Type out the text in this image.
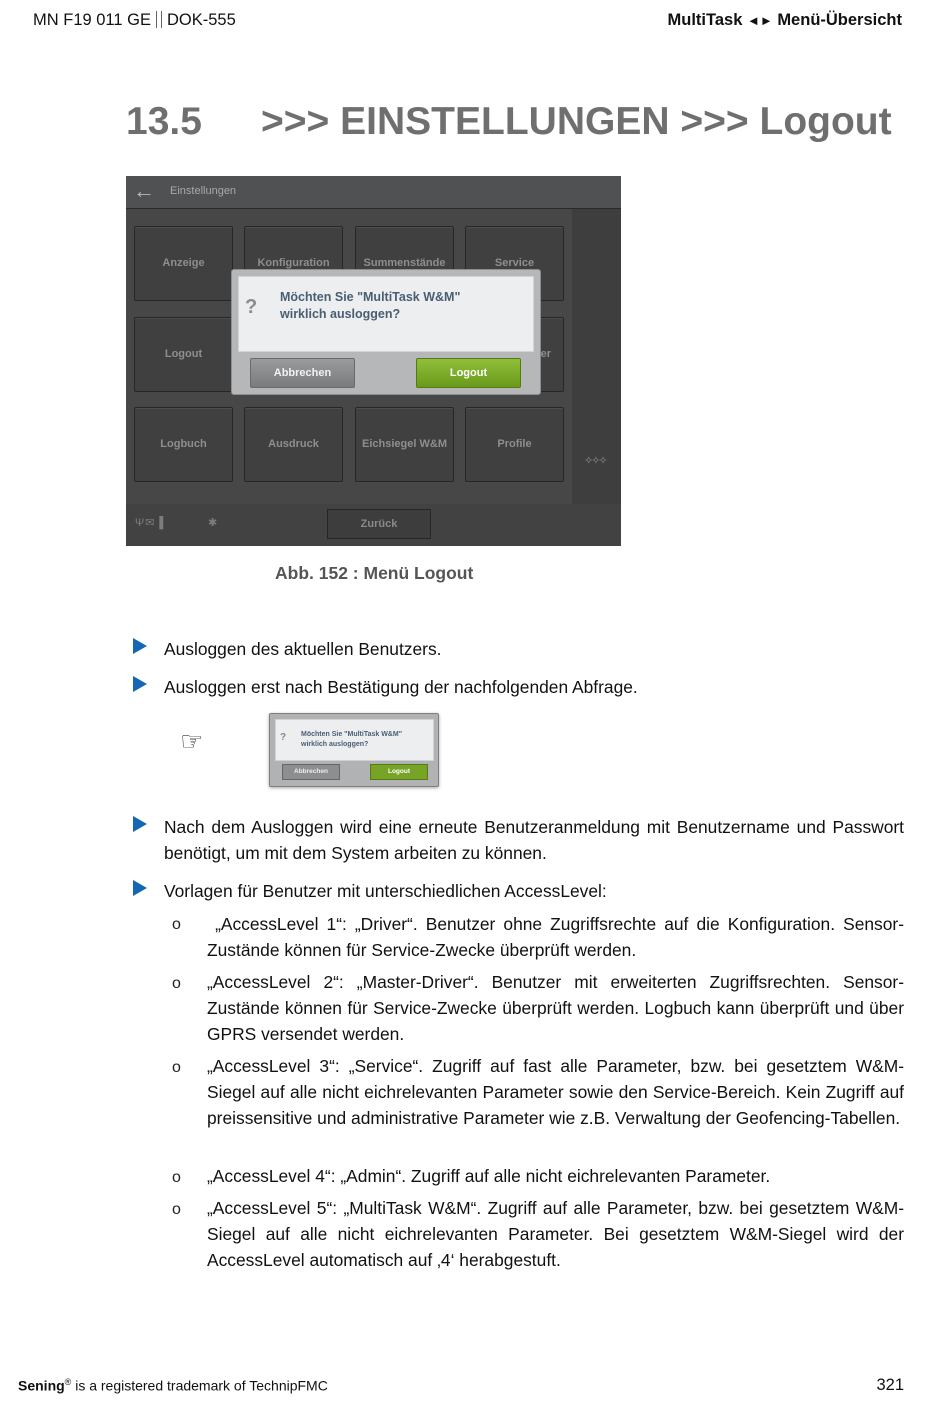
MN F19 011 GE DOK-555	MultiTask ◄► Menü-Übersicht
13.5 >>> EINSTELLUNGEN >>> Logout
←	Einstellungen
✧✧✧
Anzeige	Konfiguration	Summenstände	Service
Logout	er
Logbuch	Ausdruck	Eichsiegel W&M	Profile
Ψ✉▐	✱	Zurück
? Möchten Sie "MultiTask W&M"
wirklich ausloggen?
Abbrechen	Logout
Abb. 152 : Menü Logout
Ausloggen des aktuellen Benutzers.
Ausloggen erst nach Bestätigung der nachfolgenden Abfrage.
☞	? Möchten Sie "MultiTask W&M"
wirklich ausloggen?
Abbrechen	Logout
Nach dem Ausloggen wird eine erneute Benutzeranmeldung mit Benutzername und Passwort benötigt, um mit dem System arbeiten zu können.
Vorlagen für Benutzer mit unterschiedlichen AccessLevel:
o „AccessLevel 1“: „Driver“. Benutzer ohne Zugriffsrechte auf die Konfiguration. Sensor-Zustände können für Service-Zwecke überprüft werden.
o „AccessLevel 2“: „Master-Driver“. Benutzer mit erweiterten Zugriffsrechten. Sensor-Zustände können für Service-Zwecke überprüft werden. Logbuch kann überprüft und über GPRS versendet werden.
o „AccessLevel 3“: „Service“. Zugriff auf fast alle Parameter, bzw. bei gesetztem W&M-Siegel auf alle nicht eichrelevanten Parameter sowie den Service-Bereich. Kein Zugriff auf preissensitive und administrative Parameter wie z.B. Verwaltung der Geofencing-Tabellen.
o „AccessLevel 4“: „Admin“. Zugriff auf alle nicht eichrelevanten Parameter.
o „AccessLevel 5“: „MultiTask W&M“. Zugriff auf alle Parameter, bzw. bei gesetztem W&M-Siegel auf alle nicht eichrelevanten Parameter. Bei gesetztem W&M-Siegel wird der AccessLevel automatisch auf ‚4‘ herabgestuft.
Sening® is a registered trademark of TechnipFMC	321
